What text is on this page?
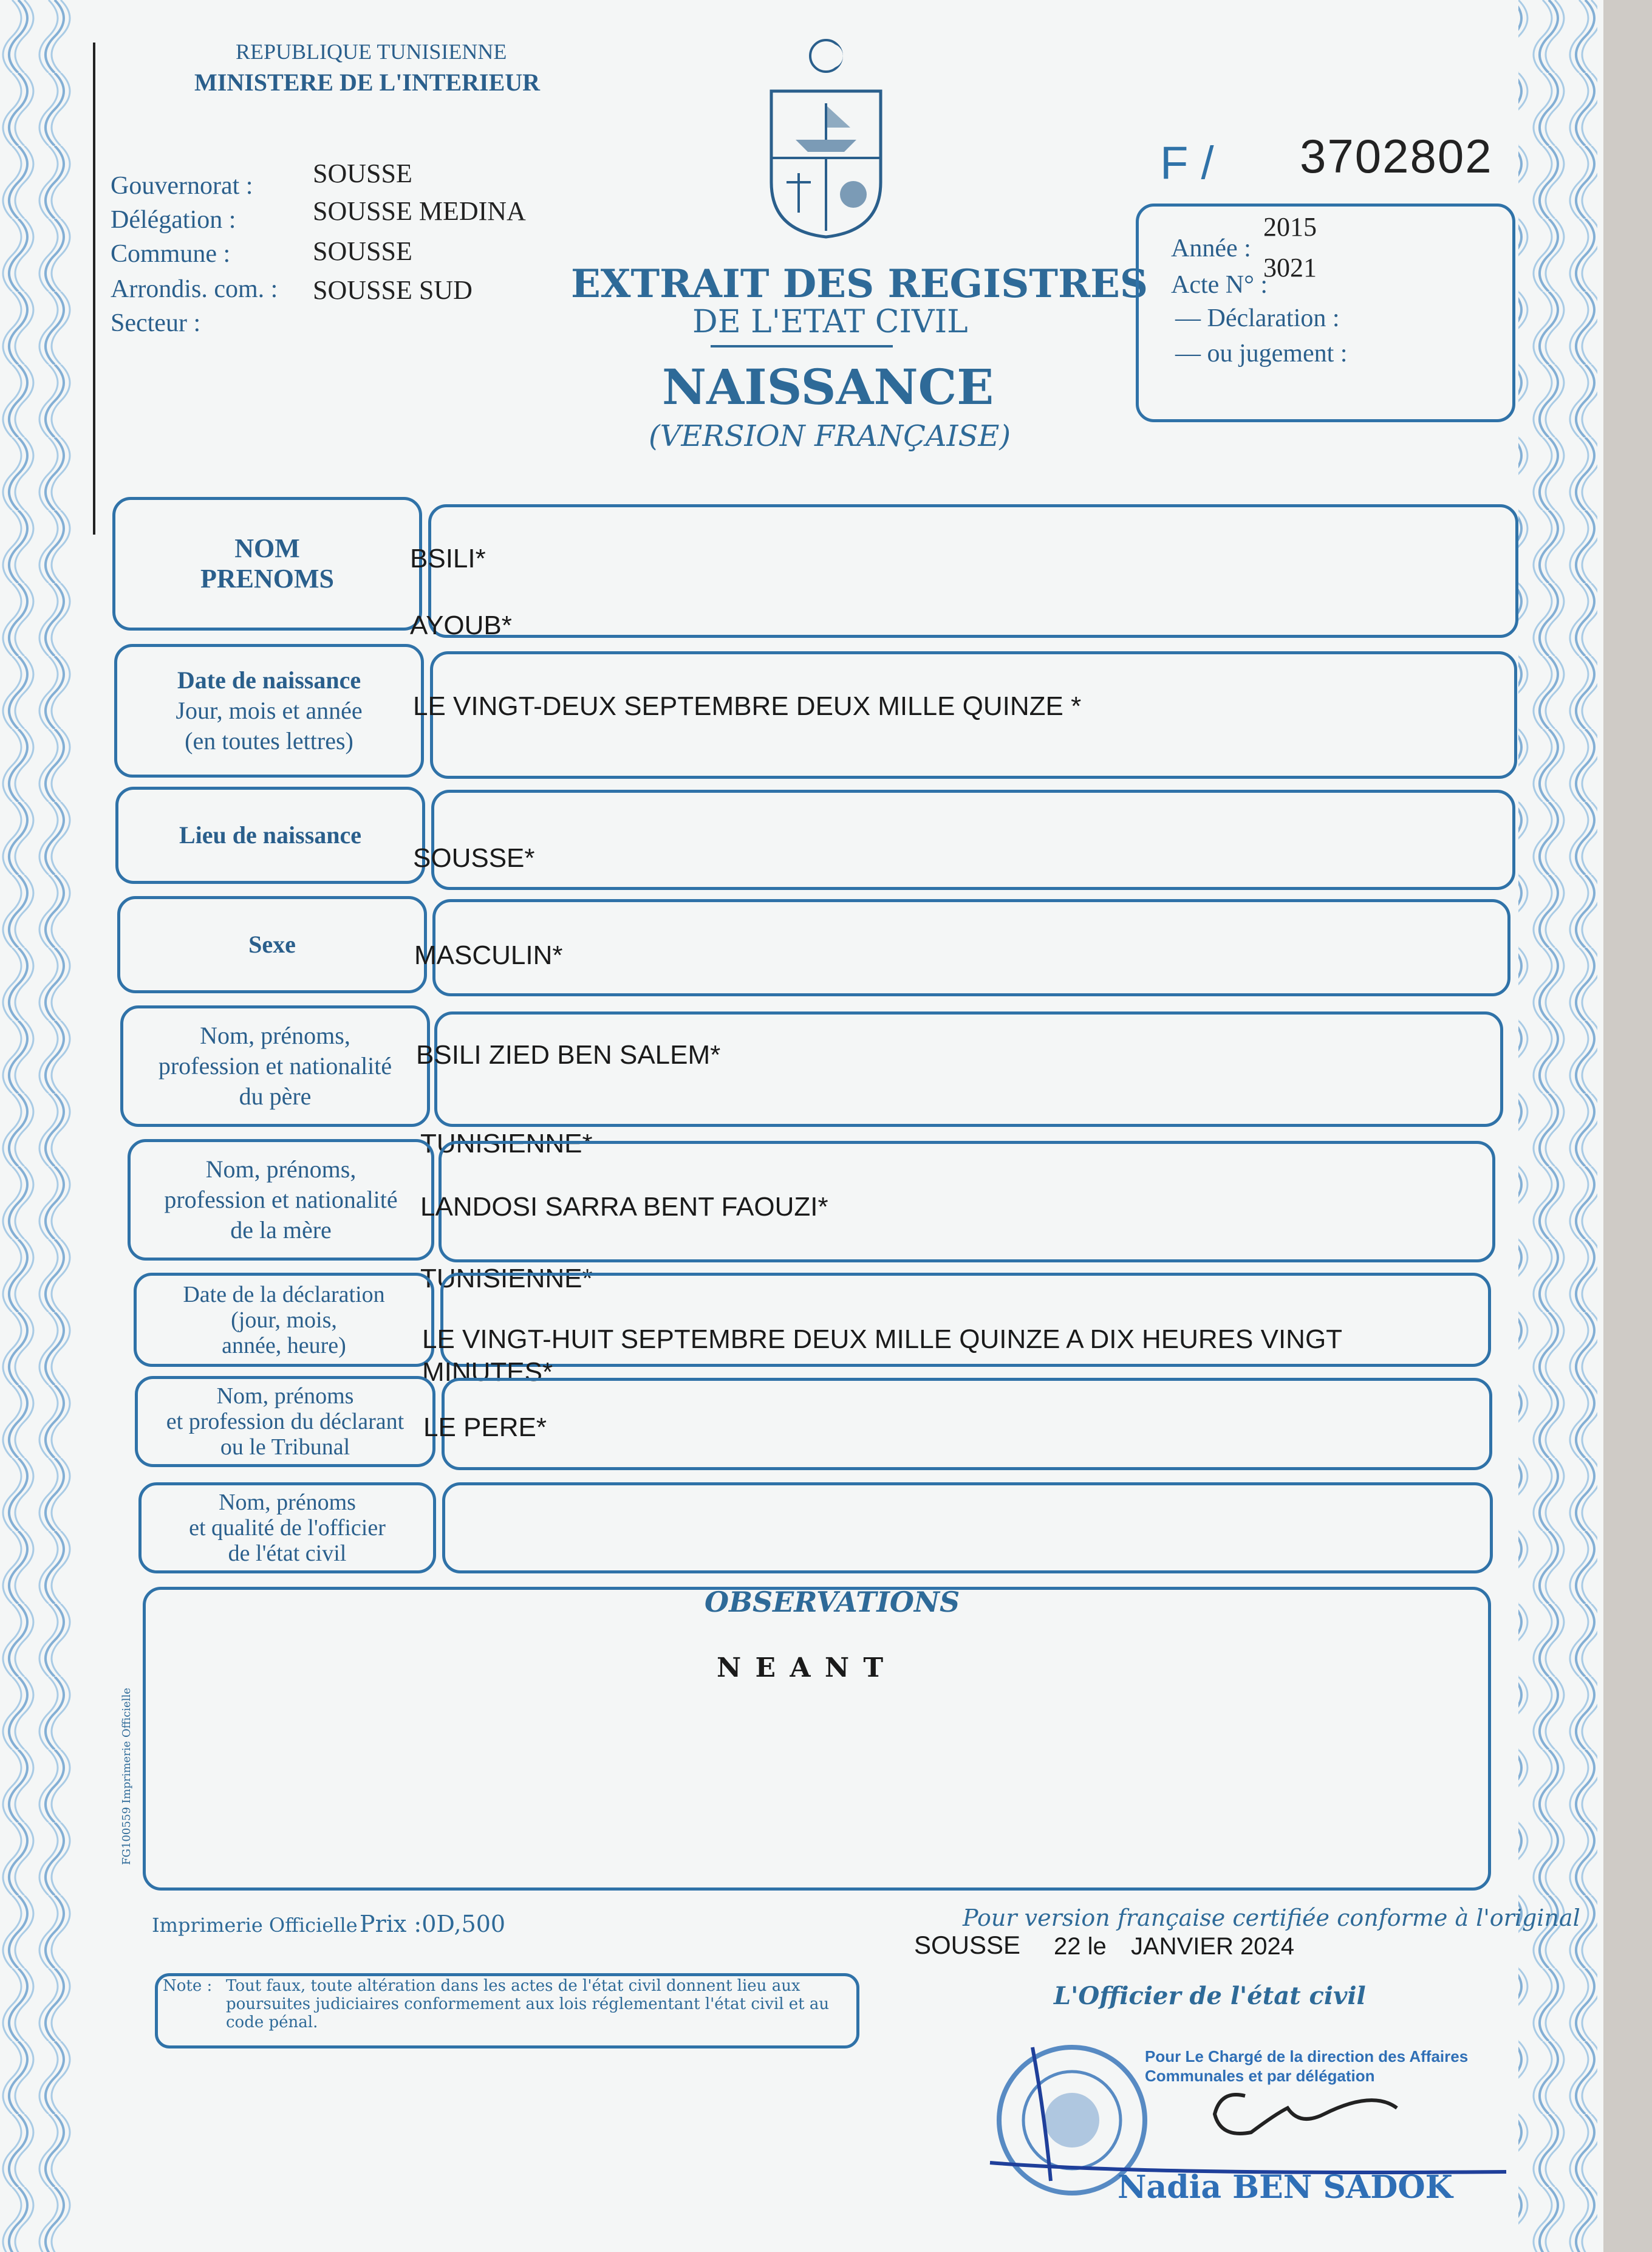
REPUBLIQUE TUNISIENNE
MINISTERE DE L'INTERIEUR
F / 3702802
Gouvernorat : SOUSSE
Délégation :	SOUSSE MEDINA
Commune :	SOUSSE
Arrondis. com. : SOUSSE SUD
Secteur :
EXTRAIT DES REGISTRES
DE L'ETAT CIVIL
NAISSANCE
(VERSION FRANÇAISE)
Année :
2015
Acte N° :
3021
— Déclaration :
— ou jugement :
NOM
PRENOMS
BSILI*
AYOUB*
Date de naissance
Jour, mois et année
(en toutes lettres)
LE VINGT-DEUX SEPTEMBRE DEUX MILLE QUINZE *
Lieu de naissance
SOUSSE*
Sexe	MASCULIN*
Nom, prénoms,
profession et nationalité
du père
BSILI ZIED BEN SALEM*
TUNISIENNE*
Nom, prénoms,
profession et nationalité
de la mère
LANDOSI SARRA BENT FAOUZI*
TUNISIENNE*
Date de la déclaration
(jour, mois,
année, heure)	LE VINGT-HUIT SEPTEMBRE DEUX MILLE QUINZE A DIX HEURES VINGT
MINUTES*
Nom, prénoms
et profession du déclarant
ou le Tribunal
LE PERE*
Nom, prénoms
et qualité de l'officier
de l'état civil
OBSERVATIONS
N E A N T
FG100559 Imprimerie Officielle
Imprimerie Officielle Prix :0D,500	Pour version française certifiée conforme à l'original
SOUSSE 22 le JANVIER 2024
Note : Tout faux, toute altération dans les actes de l'état civil donnent lieu aux poursuites judiciaires conformement aux lois réglementant l'état civil et au code pénal.
L'Officier de l'état civil
Pour Le Chargé de la direction des Affaires
Communales et par délégation
Nadia BEN SADOK
